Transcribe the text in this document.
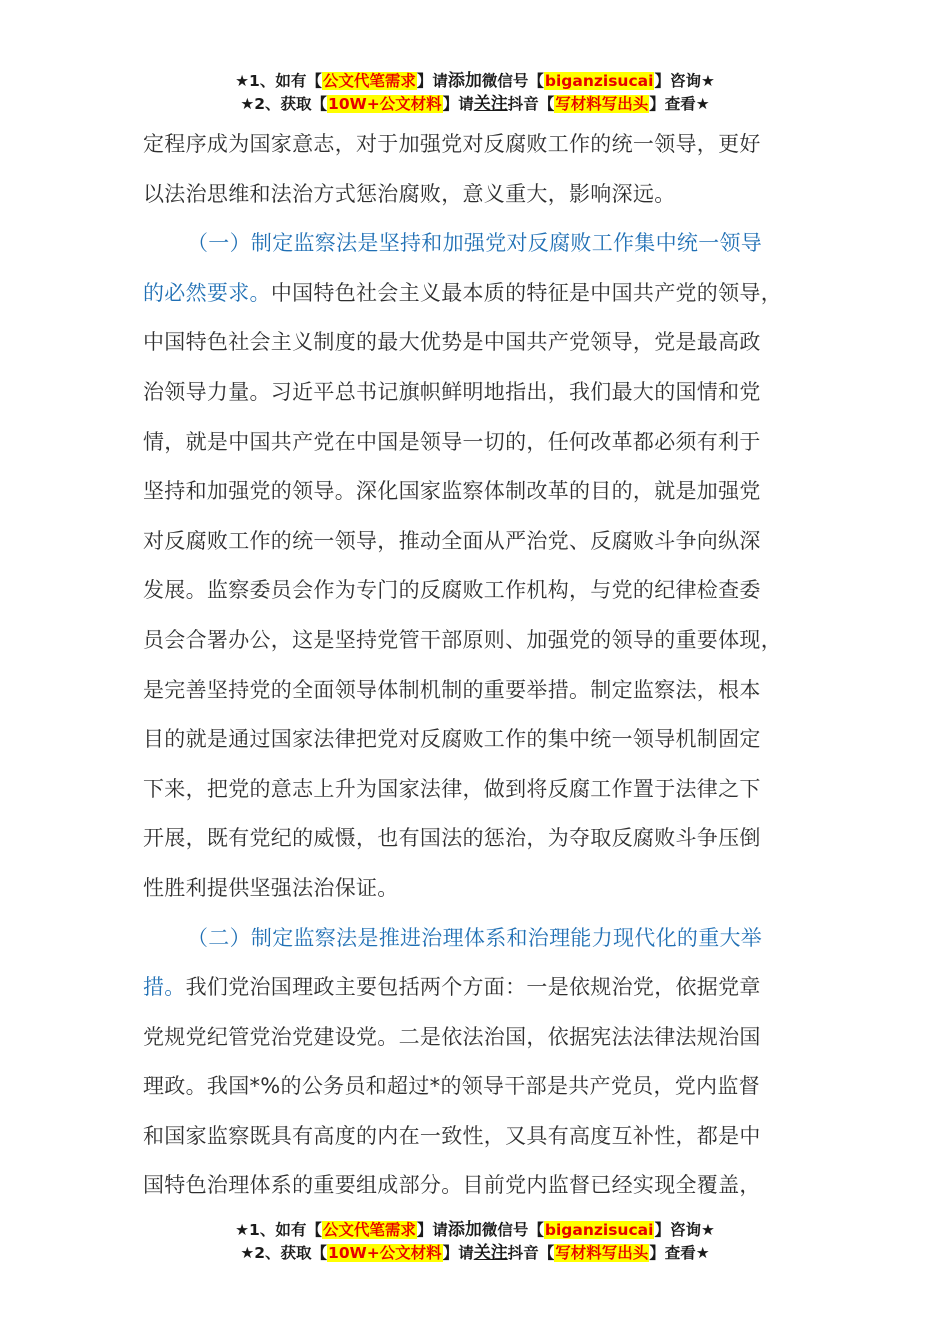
★1、如有【公文代笔需求】请添加微信号【biganzisucai】咨询★
★2、获取【10W+公文材料】请关注抖音【写材料写出头】查看★
定程序成为国家意志，对于加强党对反腐败工作的统一领导，更好
以法治思维和法治方式惩治腐败，意义重大，影响深远。
（一）制定监察法是坚持和加强党对反腐败工作集中统一领导
的必然要求。中国特色社会主义最本质的特征是中国共产党的领导，
中国特色社会主义制度的最大优势是中国共产党领导，党是最高政
治领导力量。习近平总书记旗帜鲜明地指出，我们最大的国情和党
情，就是中国共产党在中国是领导一切的，任何改革都必须有利于
坚持和加强党的领导。深化国家监察体制改革的目的，就是加强党
对反腐败工作的统一领导，推动全面从严治党、反腐败斗争向纵深
发展。监察委员会作为专门的反腐败工作机构，与党的纪律检查委
员会合署办公，这是坚持党管干部原则、加强党的领导的重要体现，
是完善坚持党的全面领导体制机制的重要举措。制定监察法，根本
目的就是通过国家法律把党对反腐败工作的集中统一领导机制固定
下来，把党的意志上升为国家法律，做到将反腐工作置于法律之下
开展，既有党纪的威慑，也有国法的惩治，为夺取反腐败斗争压倒
性胜利提供坚强法治保证。
（二）制定监察法是推进治理体系和治理能力现代化的重大举
措。我们党治国理政主要包括两个方面：一是依规治党，依据党章
党规党纪管党治党建设党。二是依法治国，依据宪法法律法规治国
理政。我国*%的公务员和超过*的领导干部是共产党员，党内监督
和国家监察既具有高度的内在一致性，又具有高度互补性，都是中
国特色治理体系的重要组成部分。目前党内监督已经实现全覆盖，
★1、如有【公文代笔需求】请添加微信号【biganzisucai】咨询★
★2、获取【10W+公文材料】请关注抖音【写材料写出头】查看★
